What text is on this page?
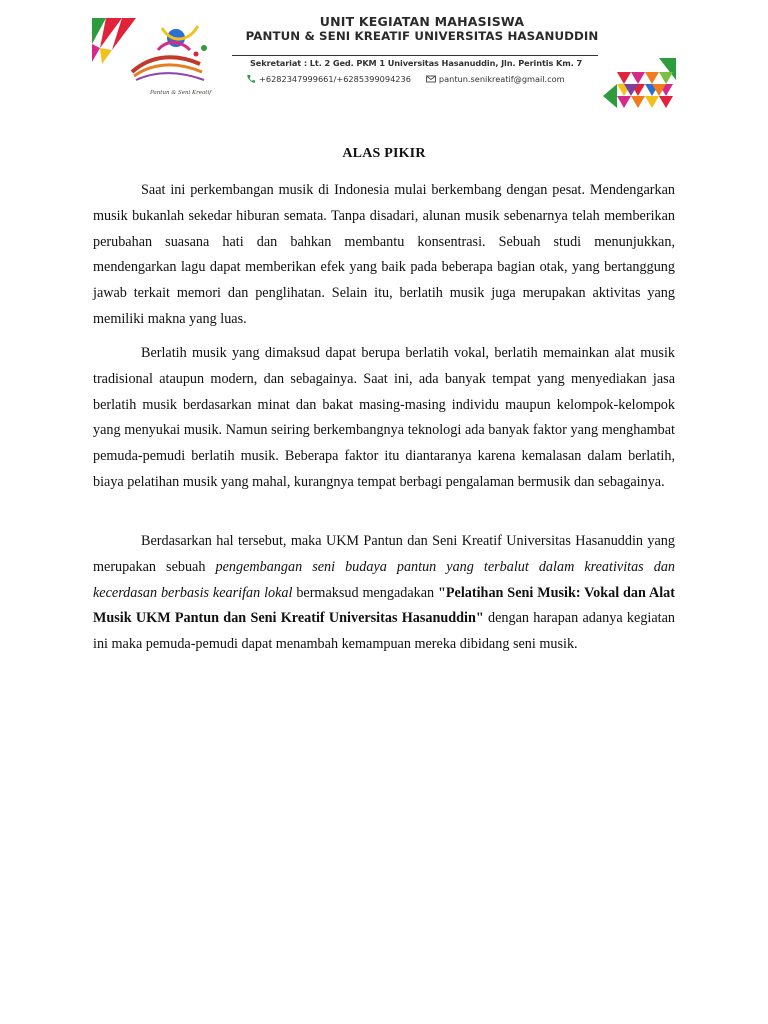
Pantun & Seni Kreatif
UNIT KEGIATAN MAHASISWA
PANTUN & SENI KREATIF UNIVERSITAS HASANUDDIN
Sekretariat : Lt. 2 Ged. PKM 1 Universitas Hasanuddin, Jln. Perintis Km. 7
+6282347999661/+6285399094236	pantun.senikreatif@gmail.com
ALAS PIKIR

Saat ini perkembangan musik di Indonesia mulai berkembang dengan pesat. Mendengarkan musik bukanlah sekedar hiburan semata. Tanpa disadari, alunan musik sebenarnya telah memberikan perubahan suasana hati dan bahkan membantu konsentrasi. Sebuah studi menunjukkan, mendengarkan lagu dapat memberikan efek yang baik pada beberapa bagian otak, yang bertanggung jawab terkait memori dan penglihatan. Selain itu, berlatih musik juga merupakan aktivitas yang memiliki makna yang luas.

Berlatih musik yang dimaksud dapat berupa berlatih vokal, berlatih memainkan alat musik tradisional ataupun modern, dan sebagainya. Saat ini, ada banyak tempat yang menyediakan jasa berlatih musik berdasarkan minat dan bakat masing-masing individu maupun kelompok-kelompok yang menyukai musik. Namun seiring berkembangnya teknologi ada banyak faktor yang menghambat pemuda-pemudi berlatih musik. Beberapa faktor itu diantaranya karena kemalasan dalam berlatih, biaya pelatihan musik yang mahal, kurangnya tempat berbagi pengalaman bermusik dan sebagainya.

Berdasarkan hal tersebut, maka UKM Pantun dan Seni Kreatif Universitas Hasanuddin yang merupakan sebuah pengembangan seni budaya pantun yang terbalut dalam kreativitas dan kecerdasan berbasis kearifan lokal bermaksud mengadakan "Pelatihan Seni Musik: Vokal dan Alat Musik UKM Pantun dan Seni Kreatif Universitas Hasanuddin" dengan harapan adanya kegiatan ini maka pemuda-pemudi dapat menambah kemampuan mereka dibidang seni musik.
